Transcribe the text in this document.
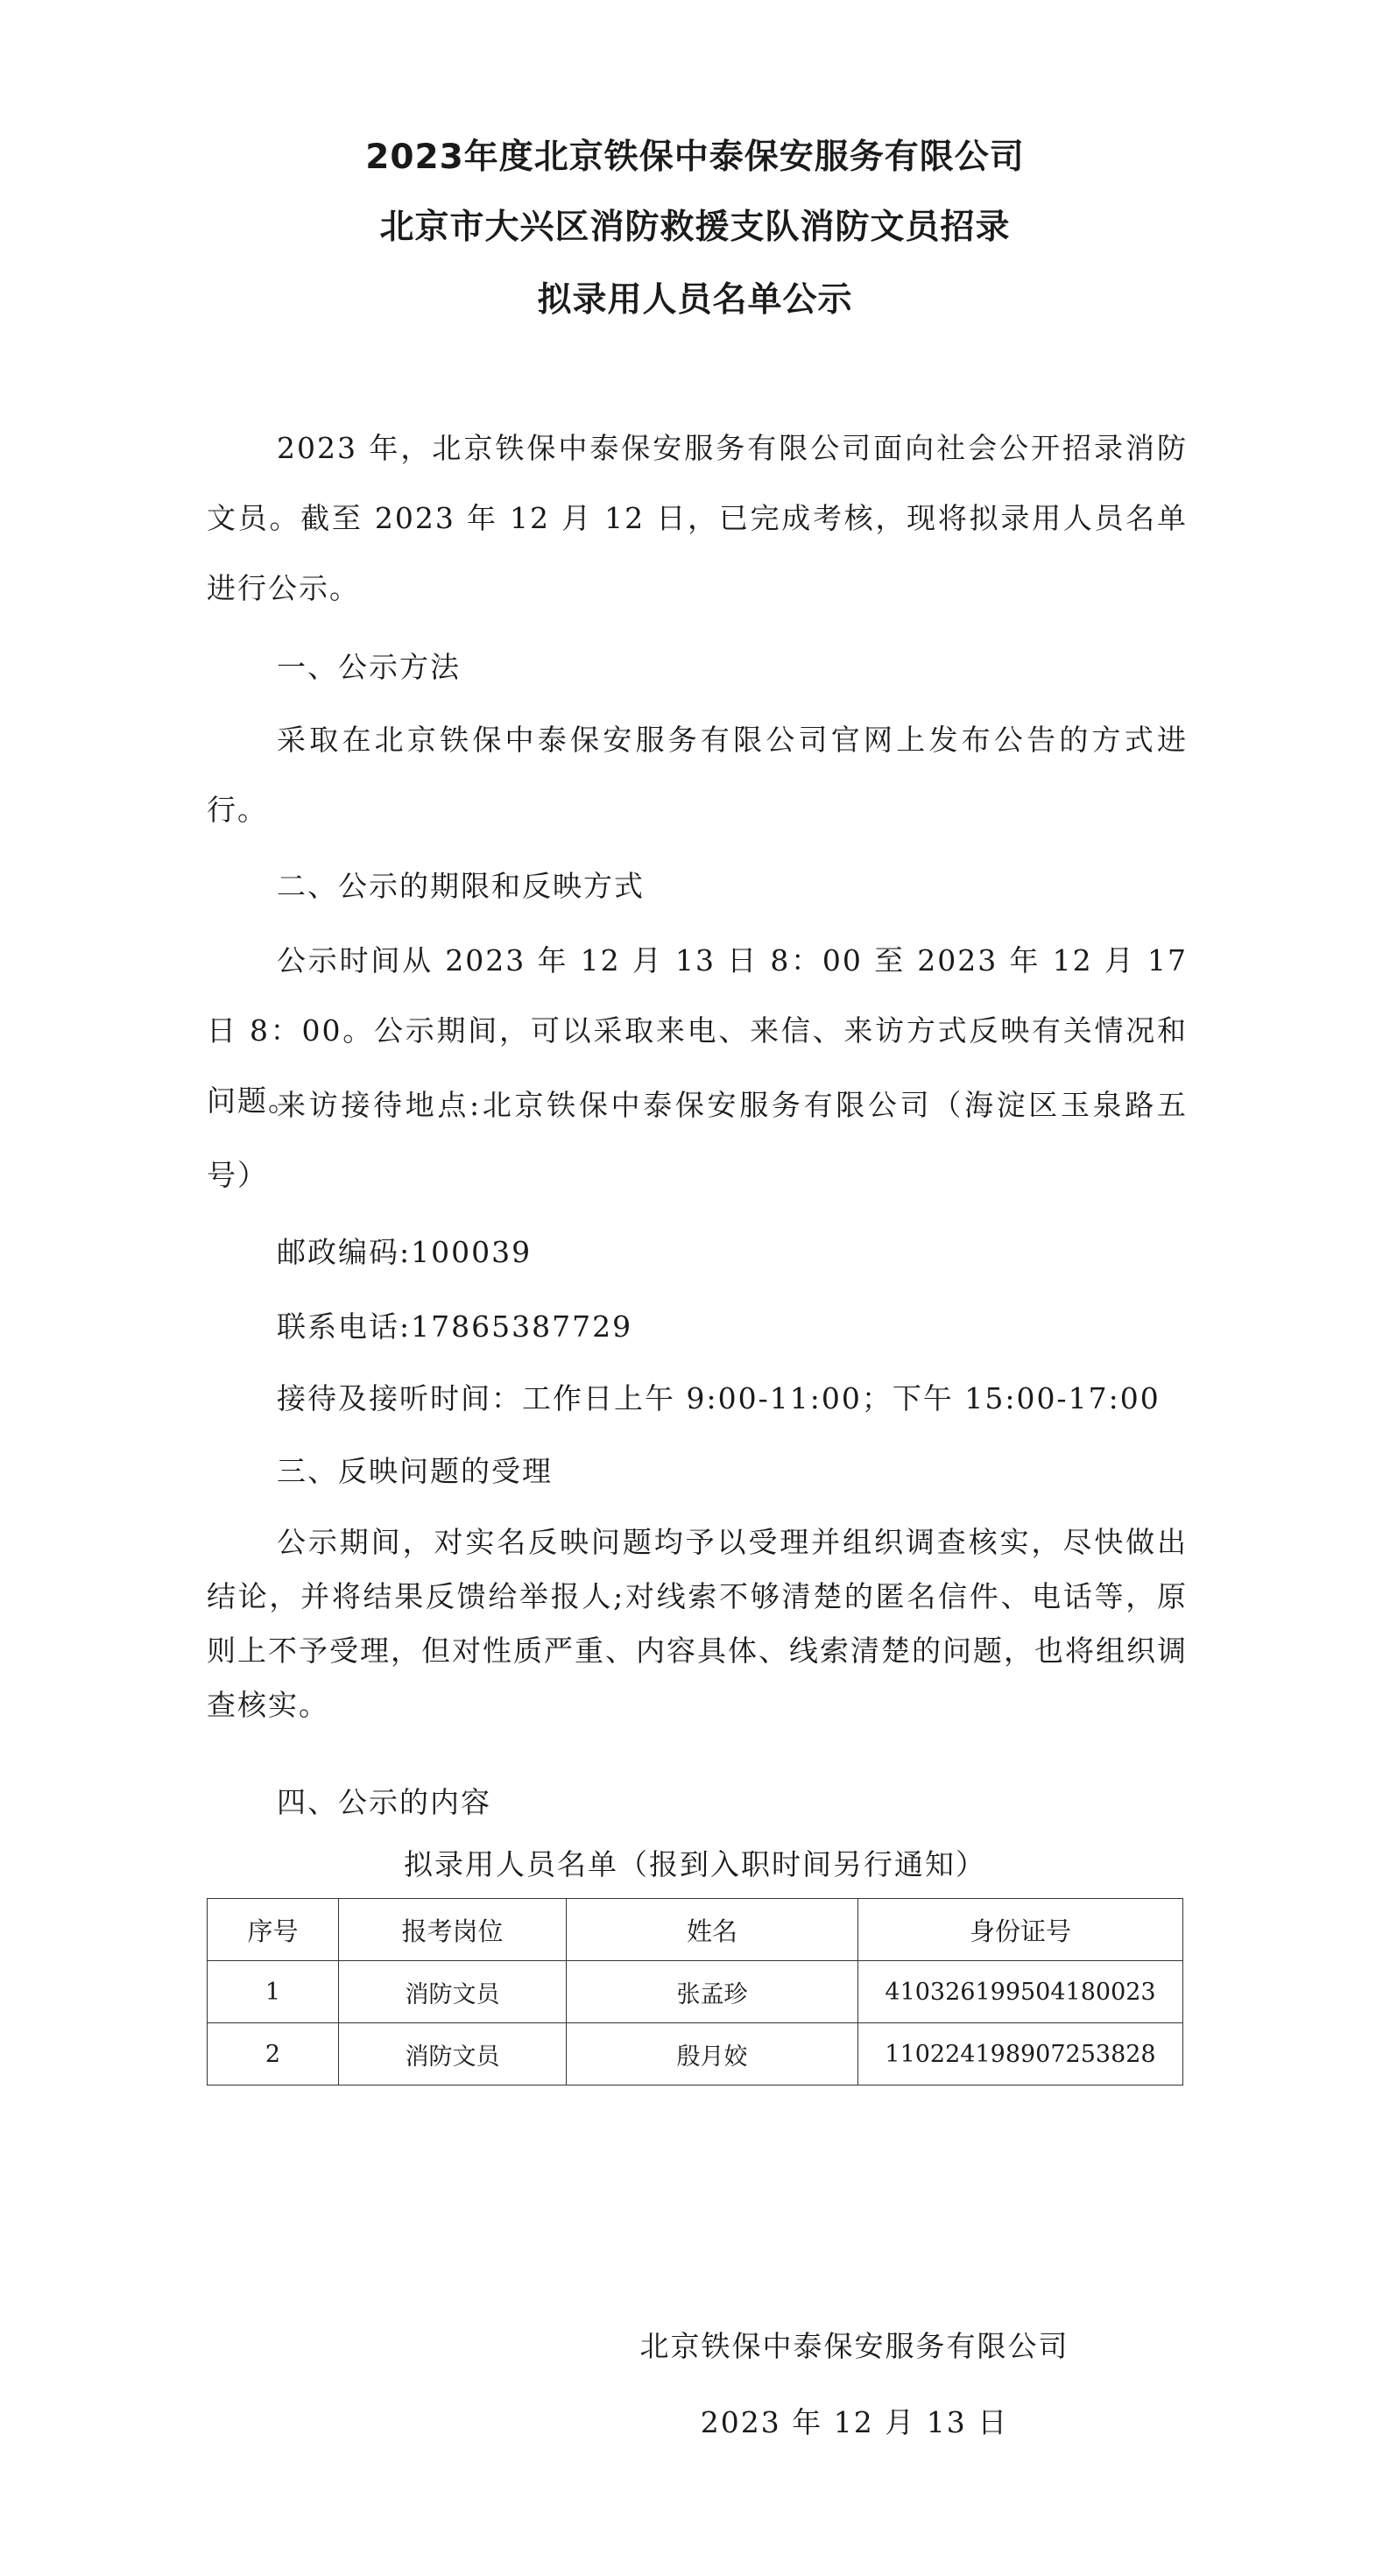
2023年度北京铁保中泰保安服务有限公司
北京市大兴区消防救援支队消防文员招录
拟录用人员名单公示

2023 年，北京铁保中泰保安服务有限公司面向社会公开招录消防文员。截至 2023 年 12 月 12 日，已完成考核，现将拟录用人员名单进行公示。

一、公示方法

采取在北京铁保中泰保安服务有限公司官网上发布公告的方式进行。

二、公示的期限和反映方式

公示时间从 2023 年 12 月 13 日 8：00 至 2023 年 12 月 17 日 8：00。公示期间，可以采取来电、来信、来访方式反映有关情况和问题。

来访接待地点:北京铁保中泰保安服务有限公司（海淀区玉泉路五号）

邮政编码:100039

联系电话:17865387729

接待及接听时间：工作日上午 9:00-11:00；下午 15:00-17:00

三、反映问题的受理

公示期间，对实名反映问题均予以受理并组织调查核实，尽快做出结论，并将结果反馈给举报人;对线索不够清楚的匿名信件、电话等，原则上不予受理，但对性质严重、内容具体、线索清楚的问题，也将组织调查核实。

四、公示的内容

拟录用人员名单（报到入职时间另行通知）
序号	报考岗位	姓名	身份证号
1	消防文员	张孟珍	410326199504180023
2	消防文员	殷月姣	110224198907253828
北京铁保中泰保安服务有限公司
2023 年 12 月 13 日
